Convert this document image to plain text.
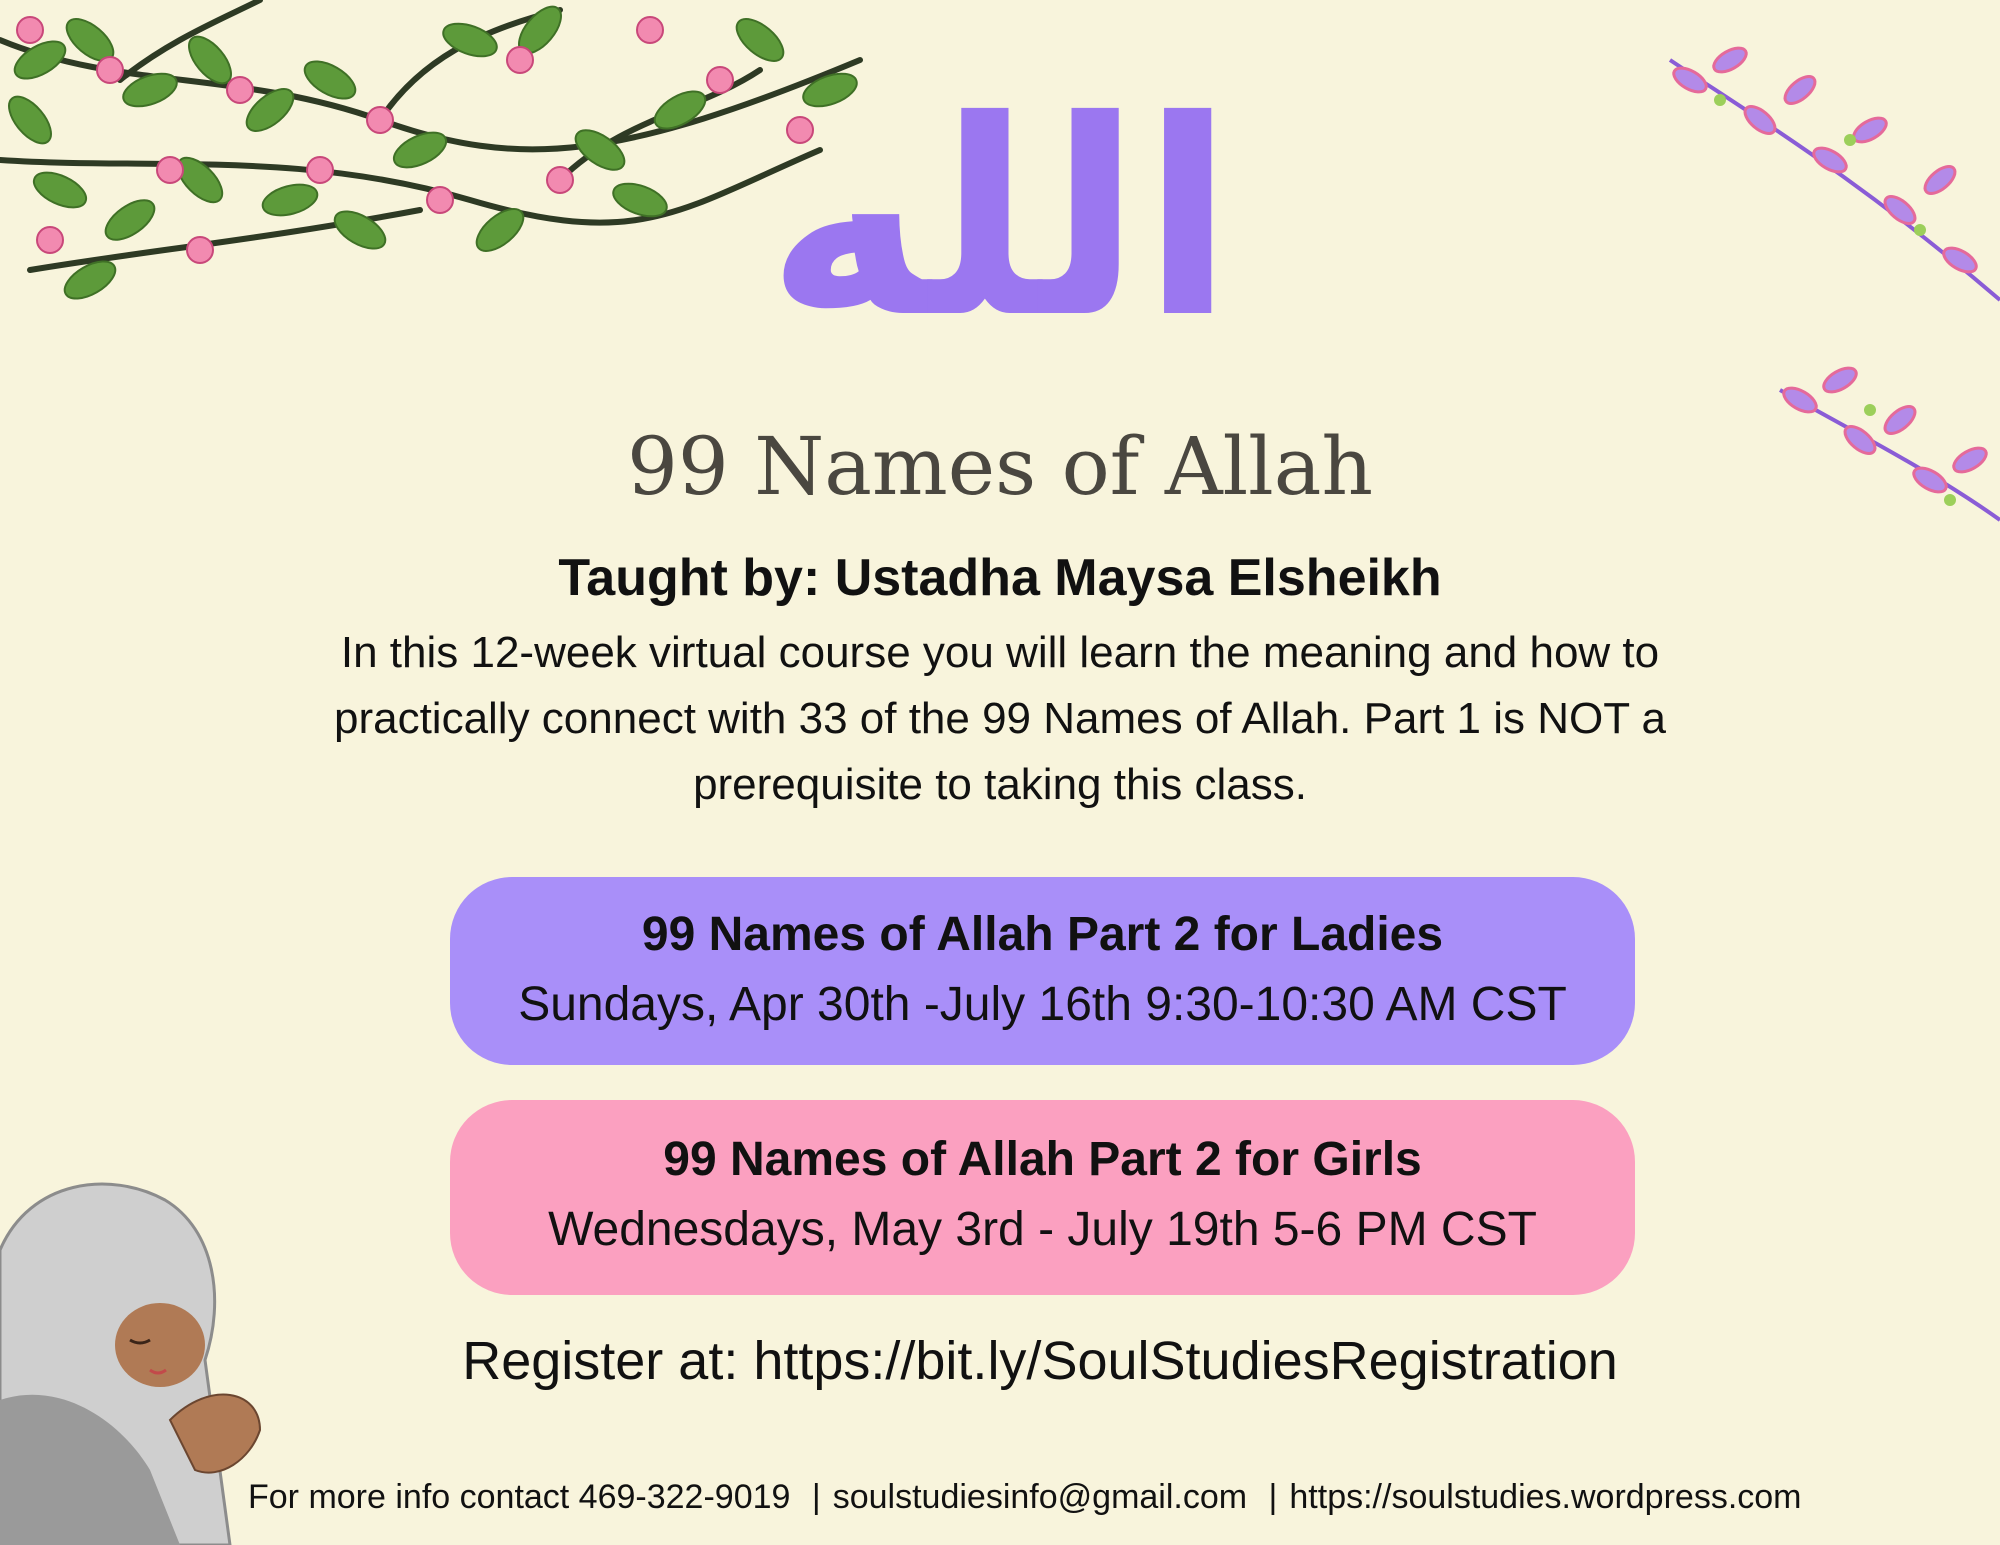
الله
99 Names of Allah
Taught by: Ustadha Maysa Elsheikh
In this 12-week virtual course you will learn the meaning and how to practically connect with 33 of the 99 Names of Allah. Part 1 is NOT a prerequisite to taking this class.
99 Names of Allah Part 2 for Ladies
Sundays, Apr 30th -July 16th 9:30-10:30 AM CST
99 Names of Allah Part 2 for Girls
Wednesdays, May 3rd - July 19th 5-6 PM CST
Register at: https://bit.ly/SoulStudiesRegistration
For more info contact 469-322-9019 | soulstudiesinfo@gmail.com | https://soulstudies.wordpress.com
